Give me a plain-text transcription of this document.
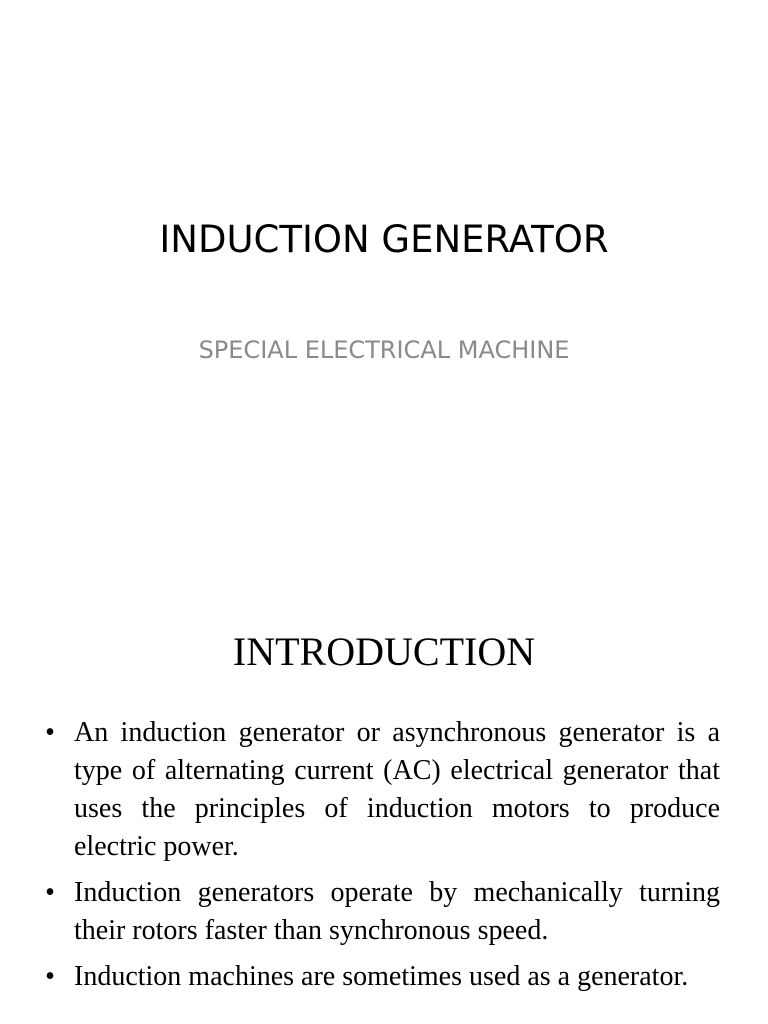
INDUCTION GENERATOR
SPECIAL ELECTRICAL MACHINE
INTRODUCTION
• An induction generator or asynchronous generator is a type of alternating current (AC) electrical generator that uses the principles of induction motors to produce electric power.
• Induction generators operate by mechanically turning their rotors faster than synchronous speed.
• Induction machines are sometimes used as a generator.
